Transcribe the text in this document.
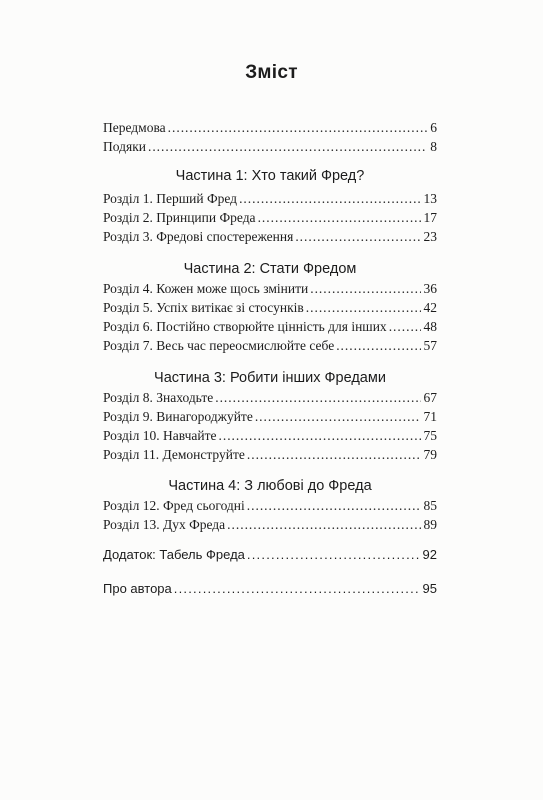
Зміст
Передмова . . .	6
Подяки . . .	8
Частина 1: Хто такий Фред?
Розділ 1. Перший Фред . . .	13
Розділ 2. Принципи Фреда . . .	17
Розділ 3. Фредові спостереження . . .	23
Частина 2: Стати Фредом
Розділ 4. Кожен може щось змінити . . .	36
Розділ 5. Успіх витікає зі стосунків . . .	42
Розділ 6. Постійно створюйте цінність для інших . . .	48
Розділ 7. Весь час переосмислюйте себе . . .	57
Частина 3: Робити інших Фредами
Розділ 8. Знаходьте . . .	67
Розділ 9. Винагороджуйте . . .	71
Розділ 10. Навчайте . . .	75
Розділ 11. Демонструйте . . .	79
Частина 4: З любові до Фреда
Розділ 12. Фред сьогодні . . .	85
Розділ 13. Дух Фреда . . .	89
Додаток: Табель Фреда . . .	92
Про автора . . .	95
